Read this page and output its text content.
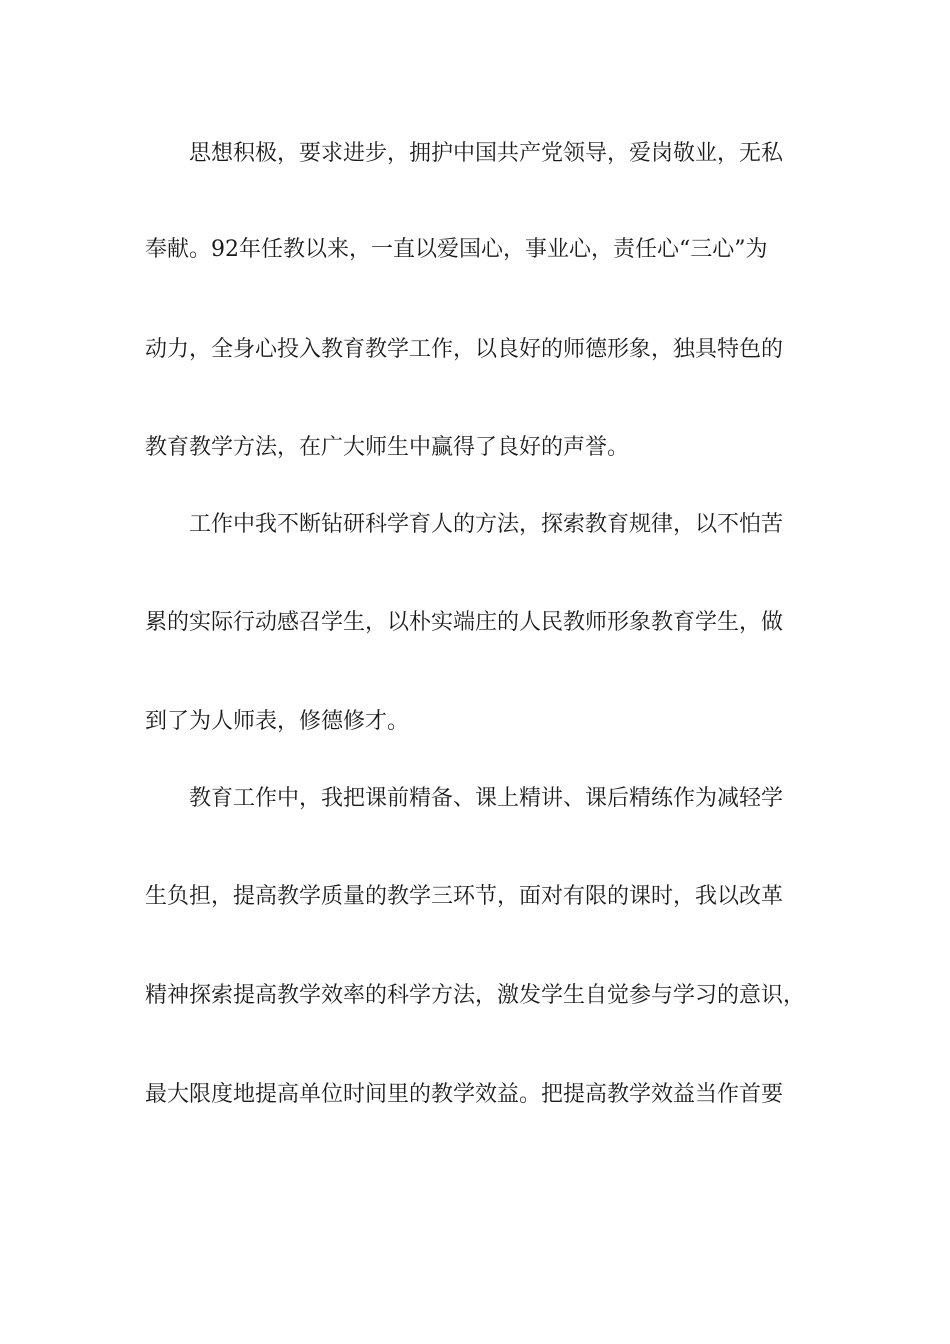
思想积极，要求进步，拥护中国共产党领导，爱岗敬业，无私
奉献。92年任教以来，一直以爱国心，事业心，责任心“三心”为
动力，全身心投入教育教学工作，以良好的师德形象，独具特色的
教育教学方法，在广大师生中赢得了良好的声誉。
工作中我不断钻研科学育人的方法，探索教育规律，以不怕苦
累的实际行动感召学生，以朴实端庄的人民教师形象教育学生，做
到了为人师表，修德修才。
教育工作中，我把课前精备、课上精讲、课后精练作为减轻学
生负担，提高教学质量的教学三环节，面对有限的课时，我以改革
精神探索提高教学效率的科学方法，激发学生自觉参与学习的意识，
最大限度地提高单位时间里的教学效益。把提高教学效益当作首要
